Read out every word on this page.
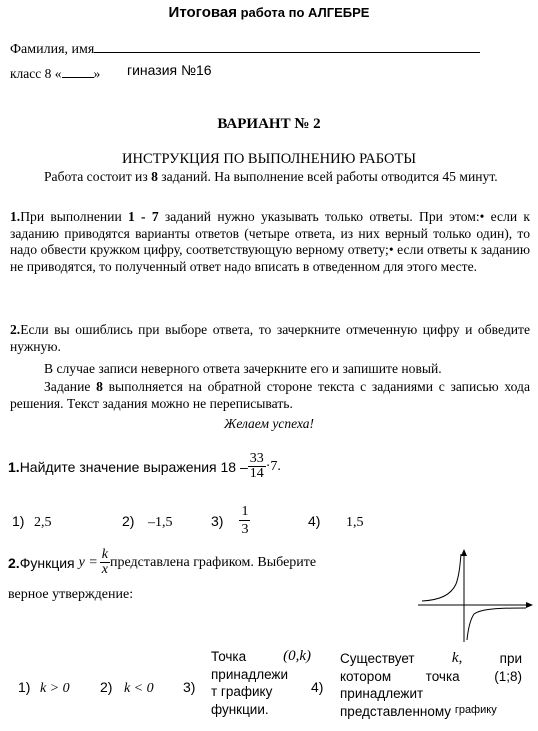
Итоговая работа по АЛГЕБРЕ
Фамилия, имя
класс 8 « » гиназия №16
ВАРИАНТ № 2
ИНСТРУКЦИЯ ПО ВЫПОЛНЕНИЮ РАБОТЫ
Работа состоит из 8 заданий. На выполнение всей работы отводится 45 минут.
1.При выполнении 1 - 7 заданий нужно указывать только ответы. При этом:• если к заданию приводятся варианты ответов (четыре ответа, из них верный только один), то надо обвести кружком цифру, соответствующую верному ответу;• если ответы к заданию не приводятся, то полученный ответ надо вписать в отведенном для этого месте.
2.Если вы ошиблись при выборе ответа, то зачеркните отмеченную цифру и обведите нужную.
В случае записи неверного ответа зачеркните его и запишите новый.
Задание 8 выполняется на обратной стороне текста с заданиями с записью хода решения. Текст задания можно не переписывать.
Желаем успеха!
1. Найдите значение выражения $18 - \frac{33}{14} \cdot 7$.
1) 2,5	2) –1,5	$3) \frac{1}{3}$	4) 1,5
2. Функция $y = \frac{k}{x}$ представлена графиком. Выберите
верное утверждение:
1) k > 0 2) k < 0 3)
Точка (0,k)
принадлежи
т графику
функции.
4)
Существует k,	при
котором	точка	(1;8)
принадлежит
представленному $^{графику}$
